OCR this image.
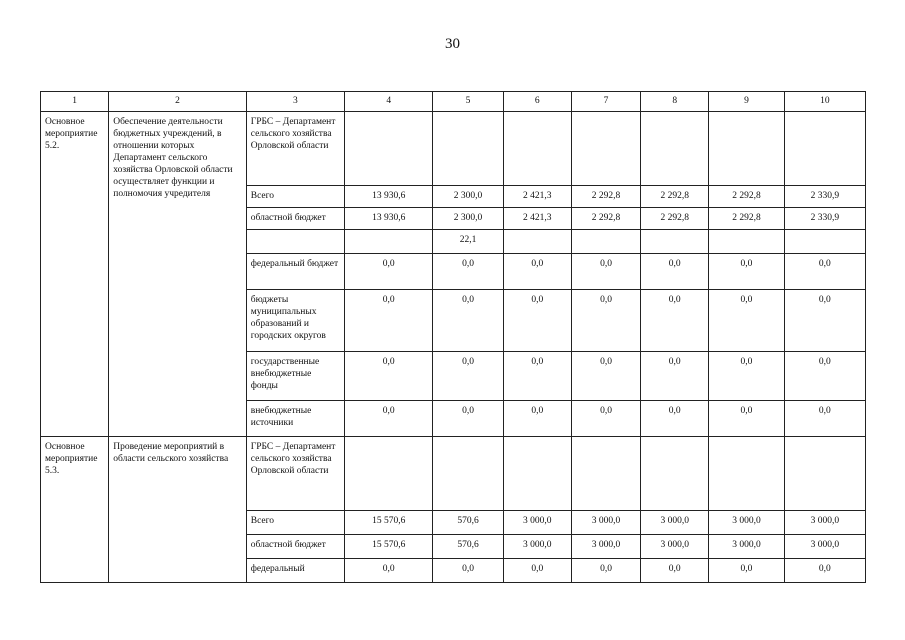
30
1	2	3	4	5	6	7	8	9	10
Основное мероприятие 5.2.	Обеспечение деятельности бюджетных учреждений, в отношении которых Департамент сельского хозяйства Орловской области осуществляет функции и полномочия учредителя	ГРБС – Департамент сельского хозяйства Орловской области							
		Всего	13 930,6	2 300,0	2 421,3	2 292,8	2 292,8	2 292,8	2 330,9
		областной бюджет	13 930,6	2 300,0	2 421,3	2 292,8	2 292,8	2 292,8	2 330,9
				22,1					
		федеральный бюджет	0,0	0,0	0,0	0,0	0,0	0,0	0,0
		бюджеты муниципальных образований и городских округов	0,0	0,0	0,0	0,0	0,0	0,0	0,0
		государственные внебюджетные фонды	0,0	0,0	0,0	0,0	0,0	0,0	0,0
		внебюджетные источники	0,0	0,0	0,0	0,0	0,0	0,0	0,0
Основное мероприятие 5.3.	Проведение мероприятий в области сельского хозяйства	ГРБС – Департамент сельского хозяйства Орловской области							
		Всего	15 570,6	570,6	3 000,0	3 000,0	3 000,0	3 000,0	3 000,0
		областной бюджет	15 570,6	570,6	3 000,0	3 000,0	3 000,0	3 000,0	3 000,0
		федеральный	0,0	0,0	0,0	0,0	0,0	0,0	0,0
